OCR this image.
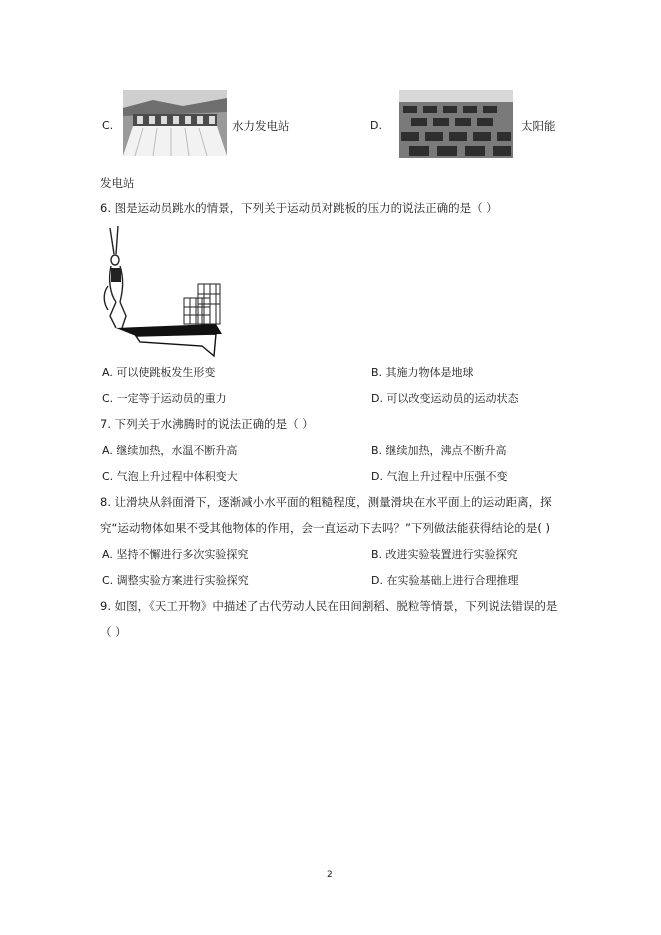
C.	水力发电站	D.	太阳能
发电站
6. 图是运动员跳水的情景，下列关于运动员对跳板的压力的说法正确的是（ ）
A. 可以使跳板发生形变	B. 其施力物体是地球
C. 一定等于运动员的重力	D. 可以改变运动员的运动状态
7. 下列关于水沸腾时的说法正确的是（ ）
A. 继续加热，水温不断升高	B. 继续加热，沸点不断升高
C. 气泡上升过程中体积变大	D. 气泡上升过程中压强不变
8. 让滑块从斜面滑下，逐渐减小水平面的粗糙程度，测量滑块在水平面上的运动距离，探
究“运动物体如果不受其他物体的作用，会一直运动下去吗？”下列做法能获得结论的是( )
A. 坚持不懈进行多次实验探究	B. 改进实验装置进行实验探究
C. 调整实验方案进行实验探究	D. 在实验基础上进行合理推理
9. 如图，《天工开物》中描述了古代劳动人民在田间割稻、脱粒等情景，下列说法错误的是
（ ）
2
